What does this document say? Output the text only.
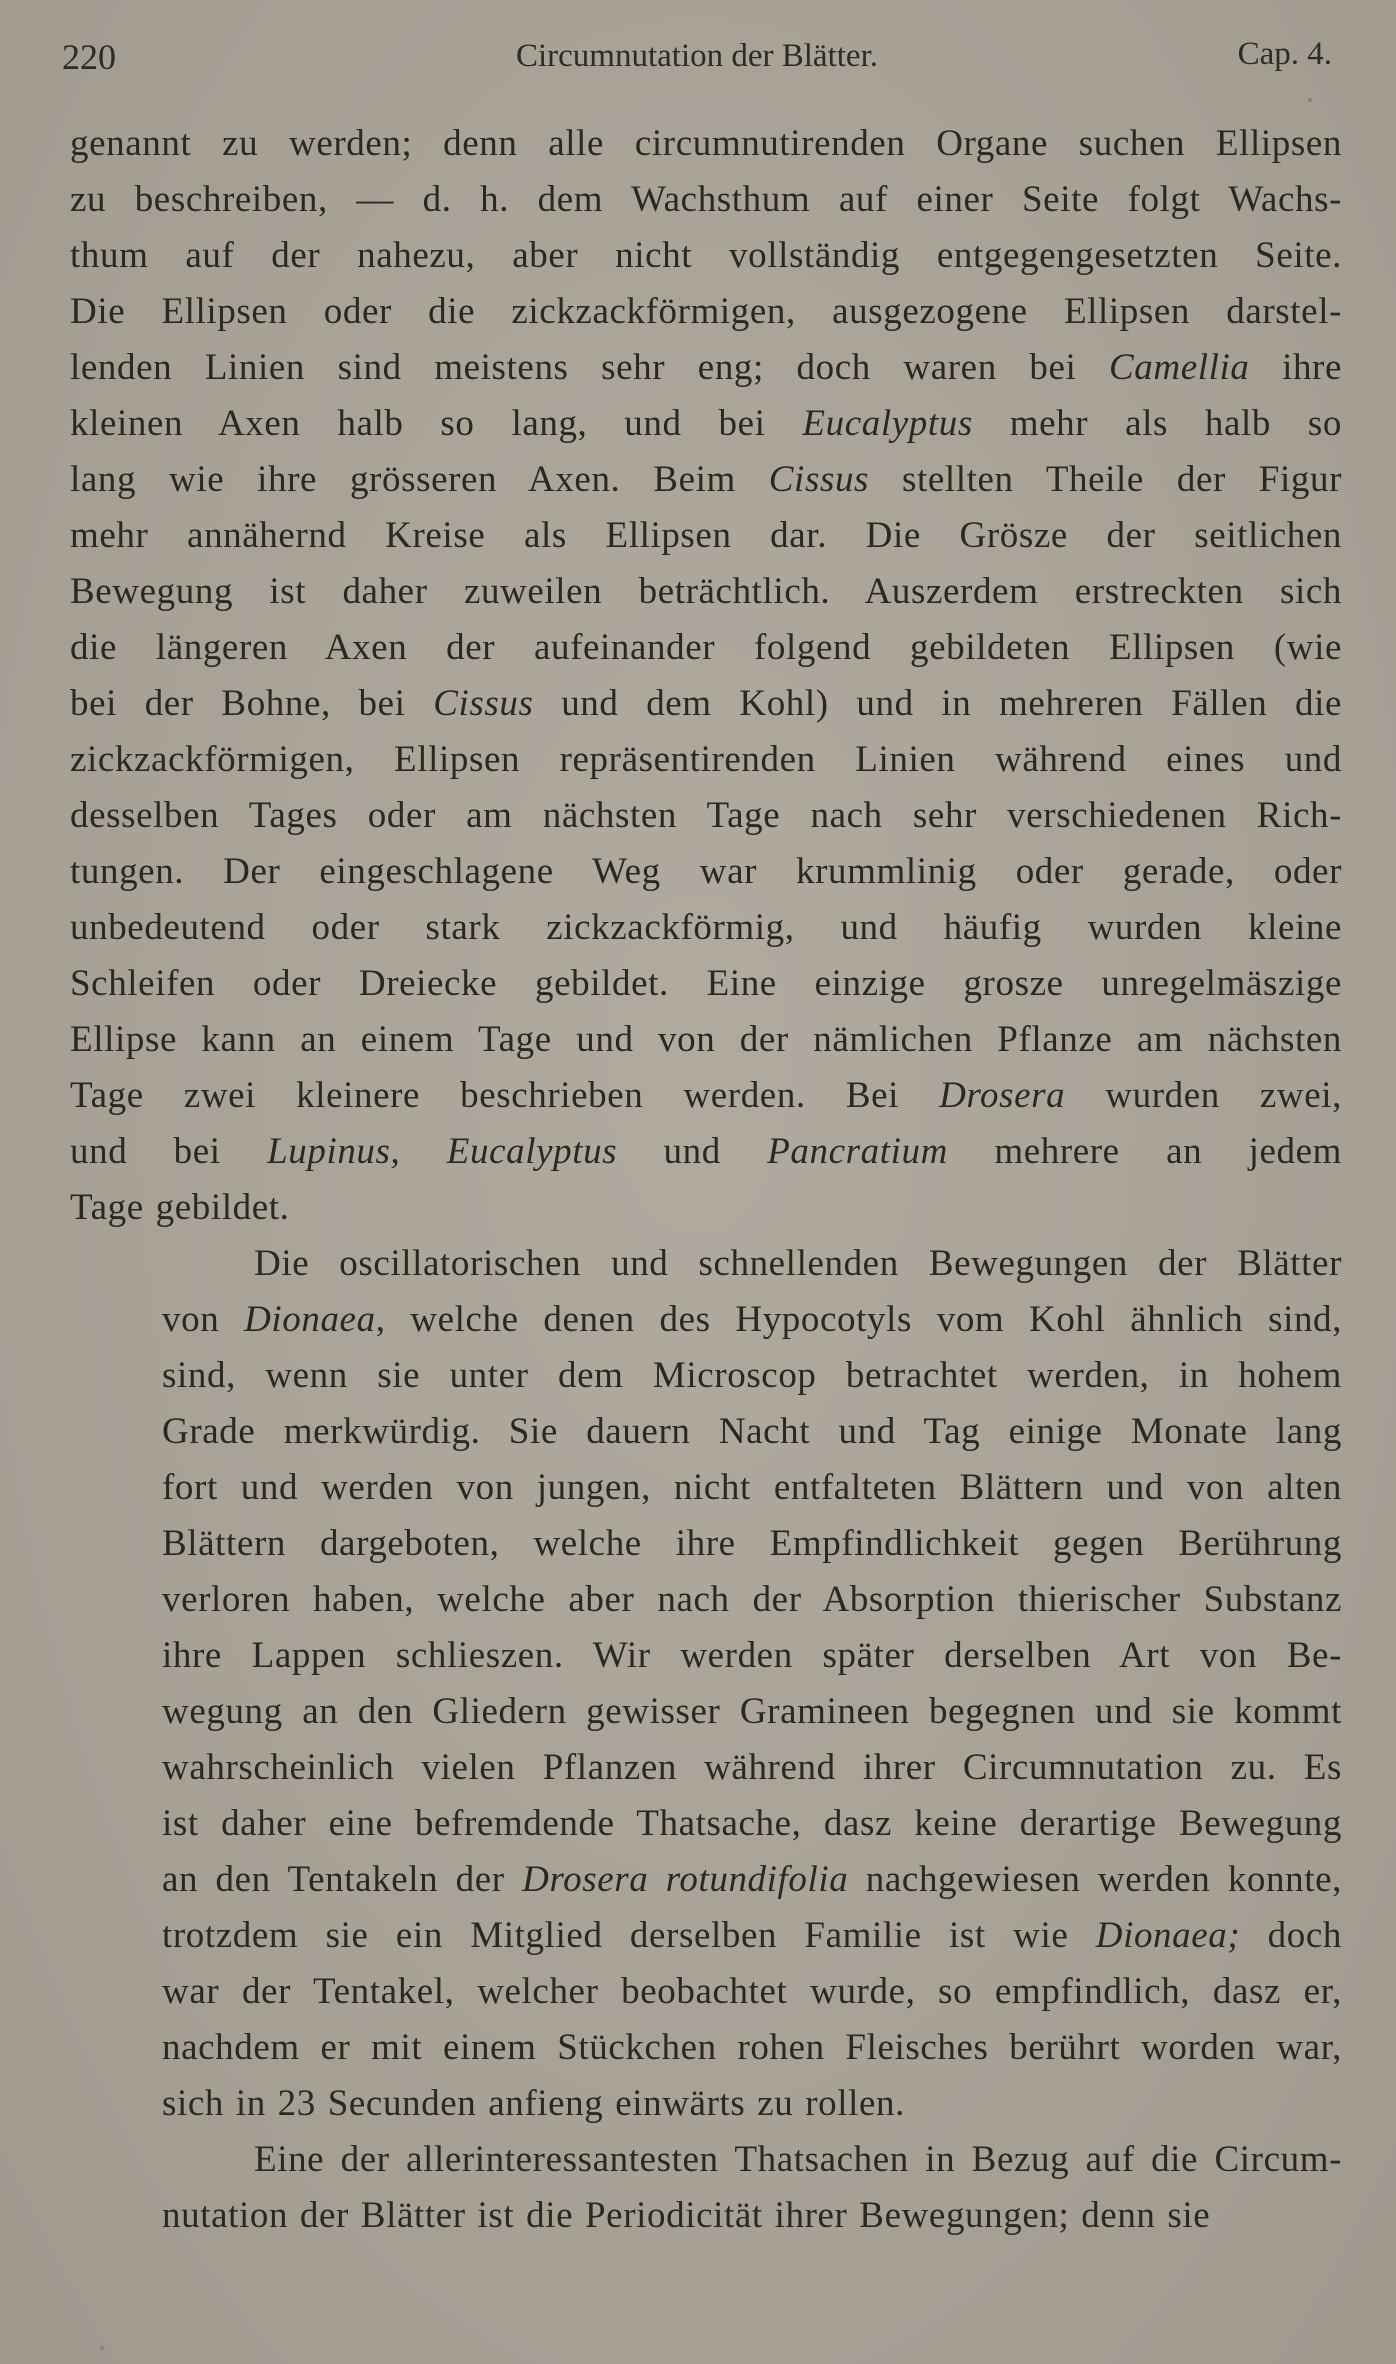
220	Circumnutation der Blätter.	Cap. 4.
genannt zu werden; denn alle circumnutirenden Organe suchen Ellipsen
zu beschreiben, — d. h. dem Wachsthum auf einer Seite folgt Wachs-
thum auf der nahezu, aber nicht vollständig entgegengesetzten Seite.
Die Ellipsen oder die zickzackförmigen, ausgezogene Ellipsen darstel-
lenden Linien sind meistens sehr eng; doch waren bei Camellia ihre
kleinen Axen halb so lang, und bei Eucalyptus mehr als halb so
lang wie ihre grösseren Axen. Beim Cissus stellten Theile der Figur
mehr annähernd Kreise als Ellipsen dar. Die Grösze der seitlichen
Bewegung ist daher zuweilen beträchtlich. Auszerdem erstreckten sich
die längeren Axen der aufeinander folgend gebildeten Ellipsen (wie
bei der Bohne, bei Cissus und dem Kohl) und in mehreren Fällen die
zickzackförmigen, Ellipsen repräsentirenden Linien während eines und
desselben Tages oder am nächsten Tage nach sehr verschiedenen Rich-
tungen. Der eingeschlagene Weg war krummlinig oder gerade, oder
unbedeutend oder stark zickzackförmig, und häufig wurden kleine
Schleifen oder Dreiecke gebildet. Eine einzige grosze unregelmäszige
Ellipse kann an einem Tage und von der nämlichen Pflanze am nächsten
Tage zwei kleinere beschrieben werden. Bei Drosera wurden zwei,
und bei Lupinus, Eucalyptus und Pancratium mehrere an jedem
Tage gebildet.
Die oscillatorischen und schnellenden Bewegungen der Blätter
von Dionaea, welche denen des Hypocotyls vom Kohl ähnlich sind,
sind, wenn sie unter dem Microscop betrachtet werden, in hohem
Grade merkwürdig. Sie dauern Nacht und Tag einige Monate lang
fort und werden von jungen, nicht entfalteten Blättern und von alten
Blättern dargeboten, welche ihre Empfindlichkeit gegen Berührung
verloren haben, welche aber nach der Absorption thierischer Substanz
ihre Lappen schlieszen. Wir werden später derselben Art von Be-
wegung an den Gliedern gewisser Gramineen begegnen und sie kommt
wahrscheinlich vielen Pflanzen während ihrer Circumnutation zu. Es
ist daher eine befremdende Thatsache, dasz keine derartige Bewegung
an den Tentakeln der Drosera rotundifolia nachgewiesen werden konnte,
trotzdem sie ein Mitglied derselben Familie ist wie Dionaea; doch
war der Tentakel, welcher beobachtet wurde, so empfindlich, dasz er,
nachdem er mit einem Stückchen rohen Fleisches berührt worden war,
sich in 23 Secunden anfieng einwärts zu rollen.
Eine der allerinteressantesten Thatsachen in Bezug auf die Circum-
nutation der Blätter ist die Periodicität ihrer Bewegungen; denn sie
